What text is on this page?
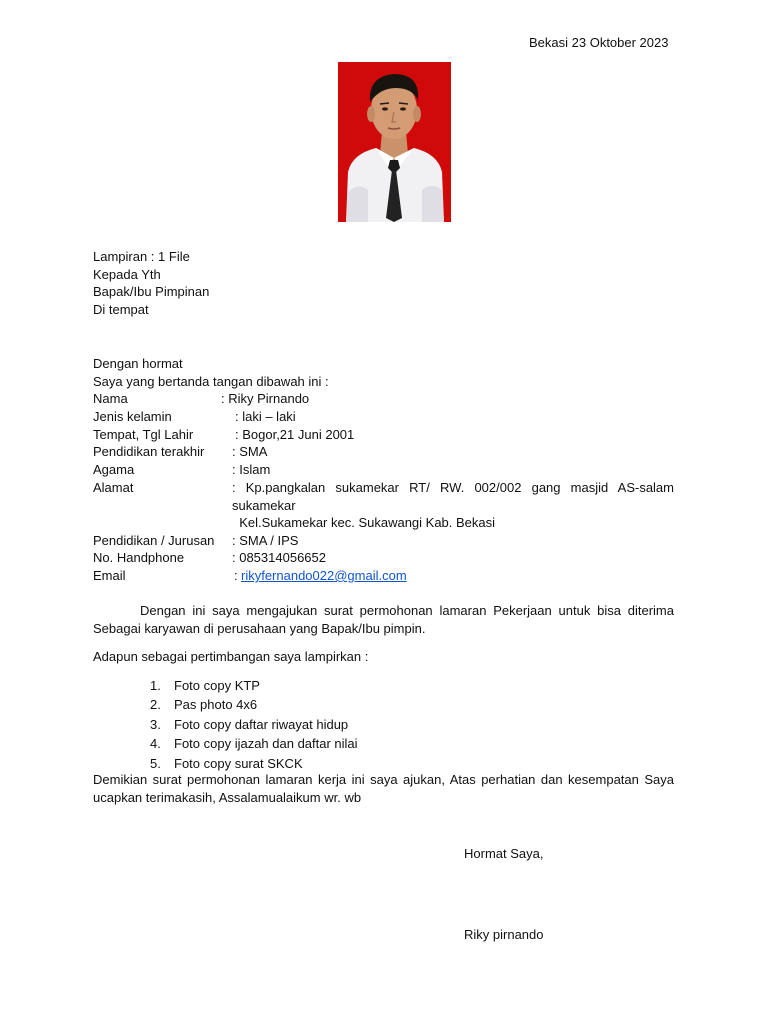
Bekasi 23 Oktober 2023
Lampiran : 1 File
Kepada Yth
Bapak/Ibu Pimpinan
Di tempat
Dengan hormat
Saya yang bertanda tangan dibawah ini :
Nama	: Riky Pirnando
Jenis kelamin	: laki – laki
Tempat, Tgl Lahir	: Bogor,21 Juni 2001
Pendidikan terakhir : SMA
Agama	: Islam
Alamat	: Kp.pangkalan sukamekar RT/ RW. 002/002 gang masjid AS-salam
sukamekar
Kel.Sukamekar kec. Sukawangi Kab. Bekasi
Pendidikan / Jurusan : SMA / IPS
No. Handphone	: 085314056652
Email	: rikyfernando022@gmail.com
Dengan ini saya mengajukan surat permohonan lamaran Pekerjaan untuk bisa diterima
Sebagai karyawan di perusahaan yang Bapak/Ibu pimpin.
Adapun sebagai pertimbangan saya lampirkan :
1. Foto copy KTP
2. Pas photo 4x6
3. Foto copy daftar riwayat hidup
4. Foto copy ijazah dan daftar nilai
5. Foto copy surat SKCK
Demikian surat permohonan lamaran kerja ini saya ajukan, Atas perhatian dan kesempatan Saya
ucapkan terimakasih, Assalamualaikum wr. wb
Hormat Saya,
Riky pirnando
